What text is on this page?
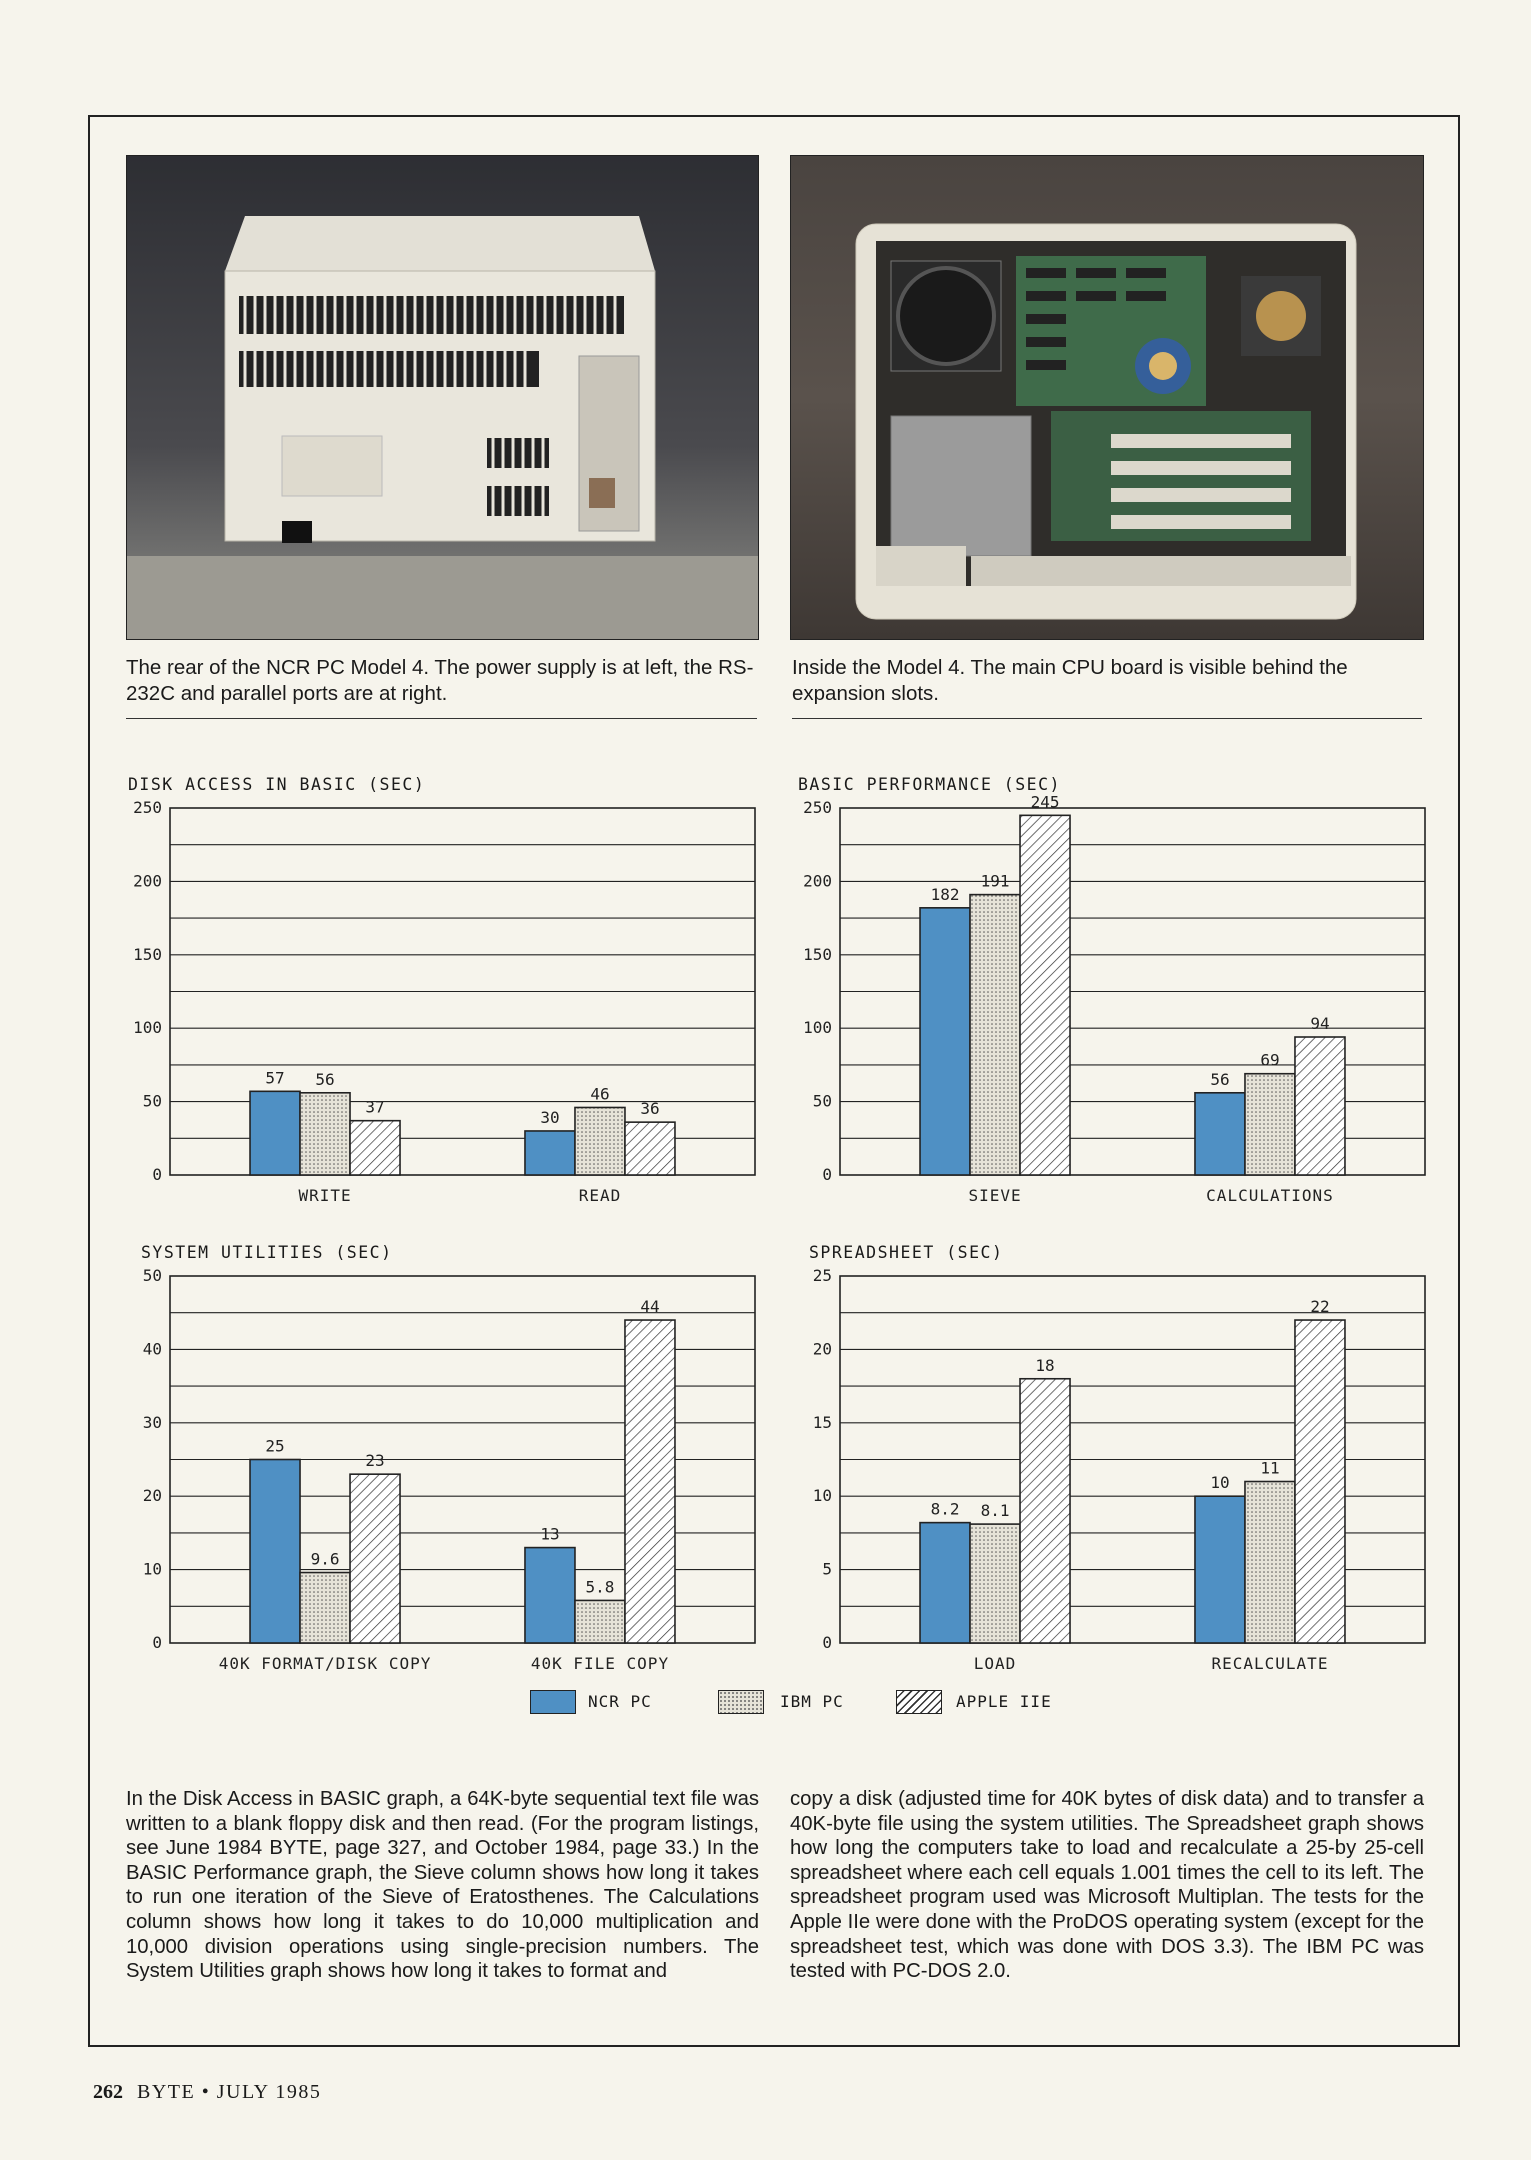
The rear of the NCR PC Model 4. The power supply is at left, the RS-232C and parallel ports are at right.
Inside the Model 4. The main CPU board is visible behind the expansion slots.
DISK ACCESS IN BASIC (SEC)	BASIC PERFORMANCE (SEC)
SYSTEM UTILITIES (SEC)	SPREADSHEET (SEC)
0
50
100
150
200
250
57 56
37
WRITE
30
46
36
READ
0
50
100
150
200
250
182
191
245
SIEVE
56
69
94
CALCULATIONS
0
10
20
30
40
50
25
9.6
23
40K FORMAT/DISK COPY
13
5.8
44
40K FILE COPY
0
5
10
15
20
25
8.2 8.1
18
LOAD
10
11
22
RECALCULATE
NCR PC	IBM PC	APPLE IIE
In the Disk Access in BASIC graph, a 64K-byte sequential text file was written to a blank floppy disk and then read. (For the program listings, see June 1984 BYTE, page 327, and October 1984, page 33.) In the BASIC Performance graph, the Sieve column shows how long it takes to run one iteration of the Sieve of Eratosthenes. The Calculations column shows how long it takes to do 10,000 multiplication and 10,000 division operations using single-precision numbers. The System Utilities graph shows how long it takes to format and
copy a disk (adjusted time for 40K bytes of disk data) and to transfer a 40K-byte file using the system utilities. The Spreadsheet graph shows how long the computers take to load and recalculate a 25-by 25-cell spreadsheet where each cell equals 1.001 times the cell to its left. The spreadsheet program used was Microsoft Multiplan. The tests for the Apple IIe were done with the ProDOS operating system (except for the spreadsheet test, which was done with DOS 3.3). The IBM PC was tested with PC-DOS 2.0.
262 BYTE • JULY 1985
